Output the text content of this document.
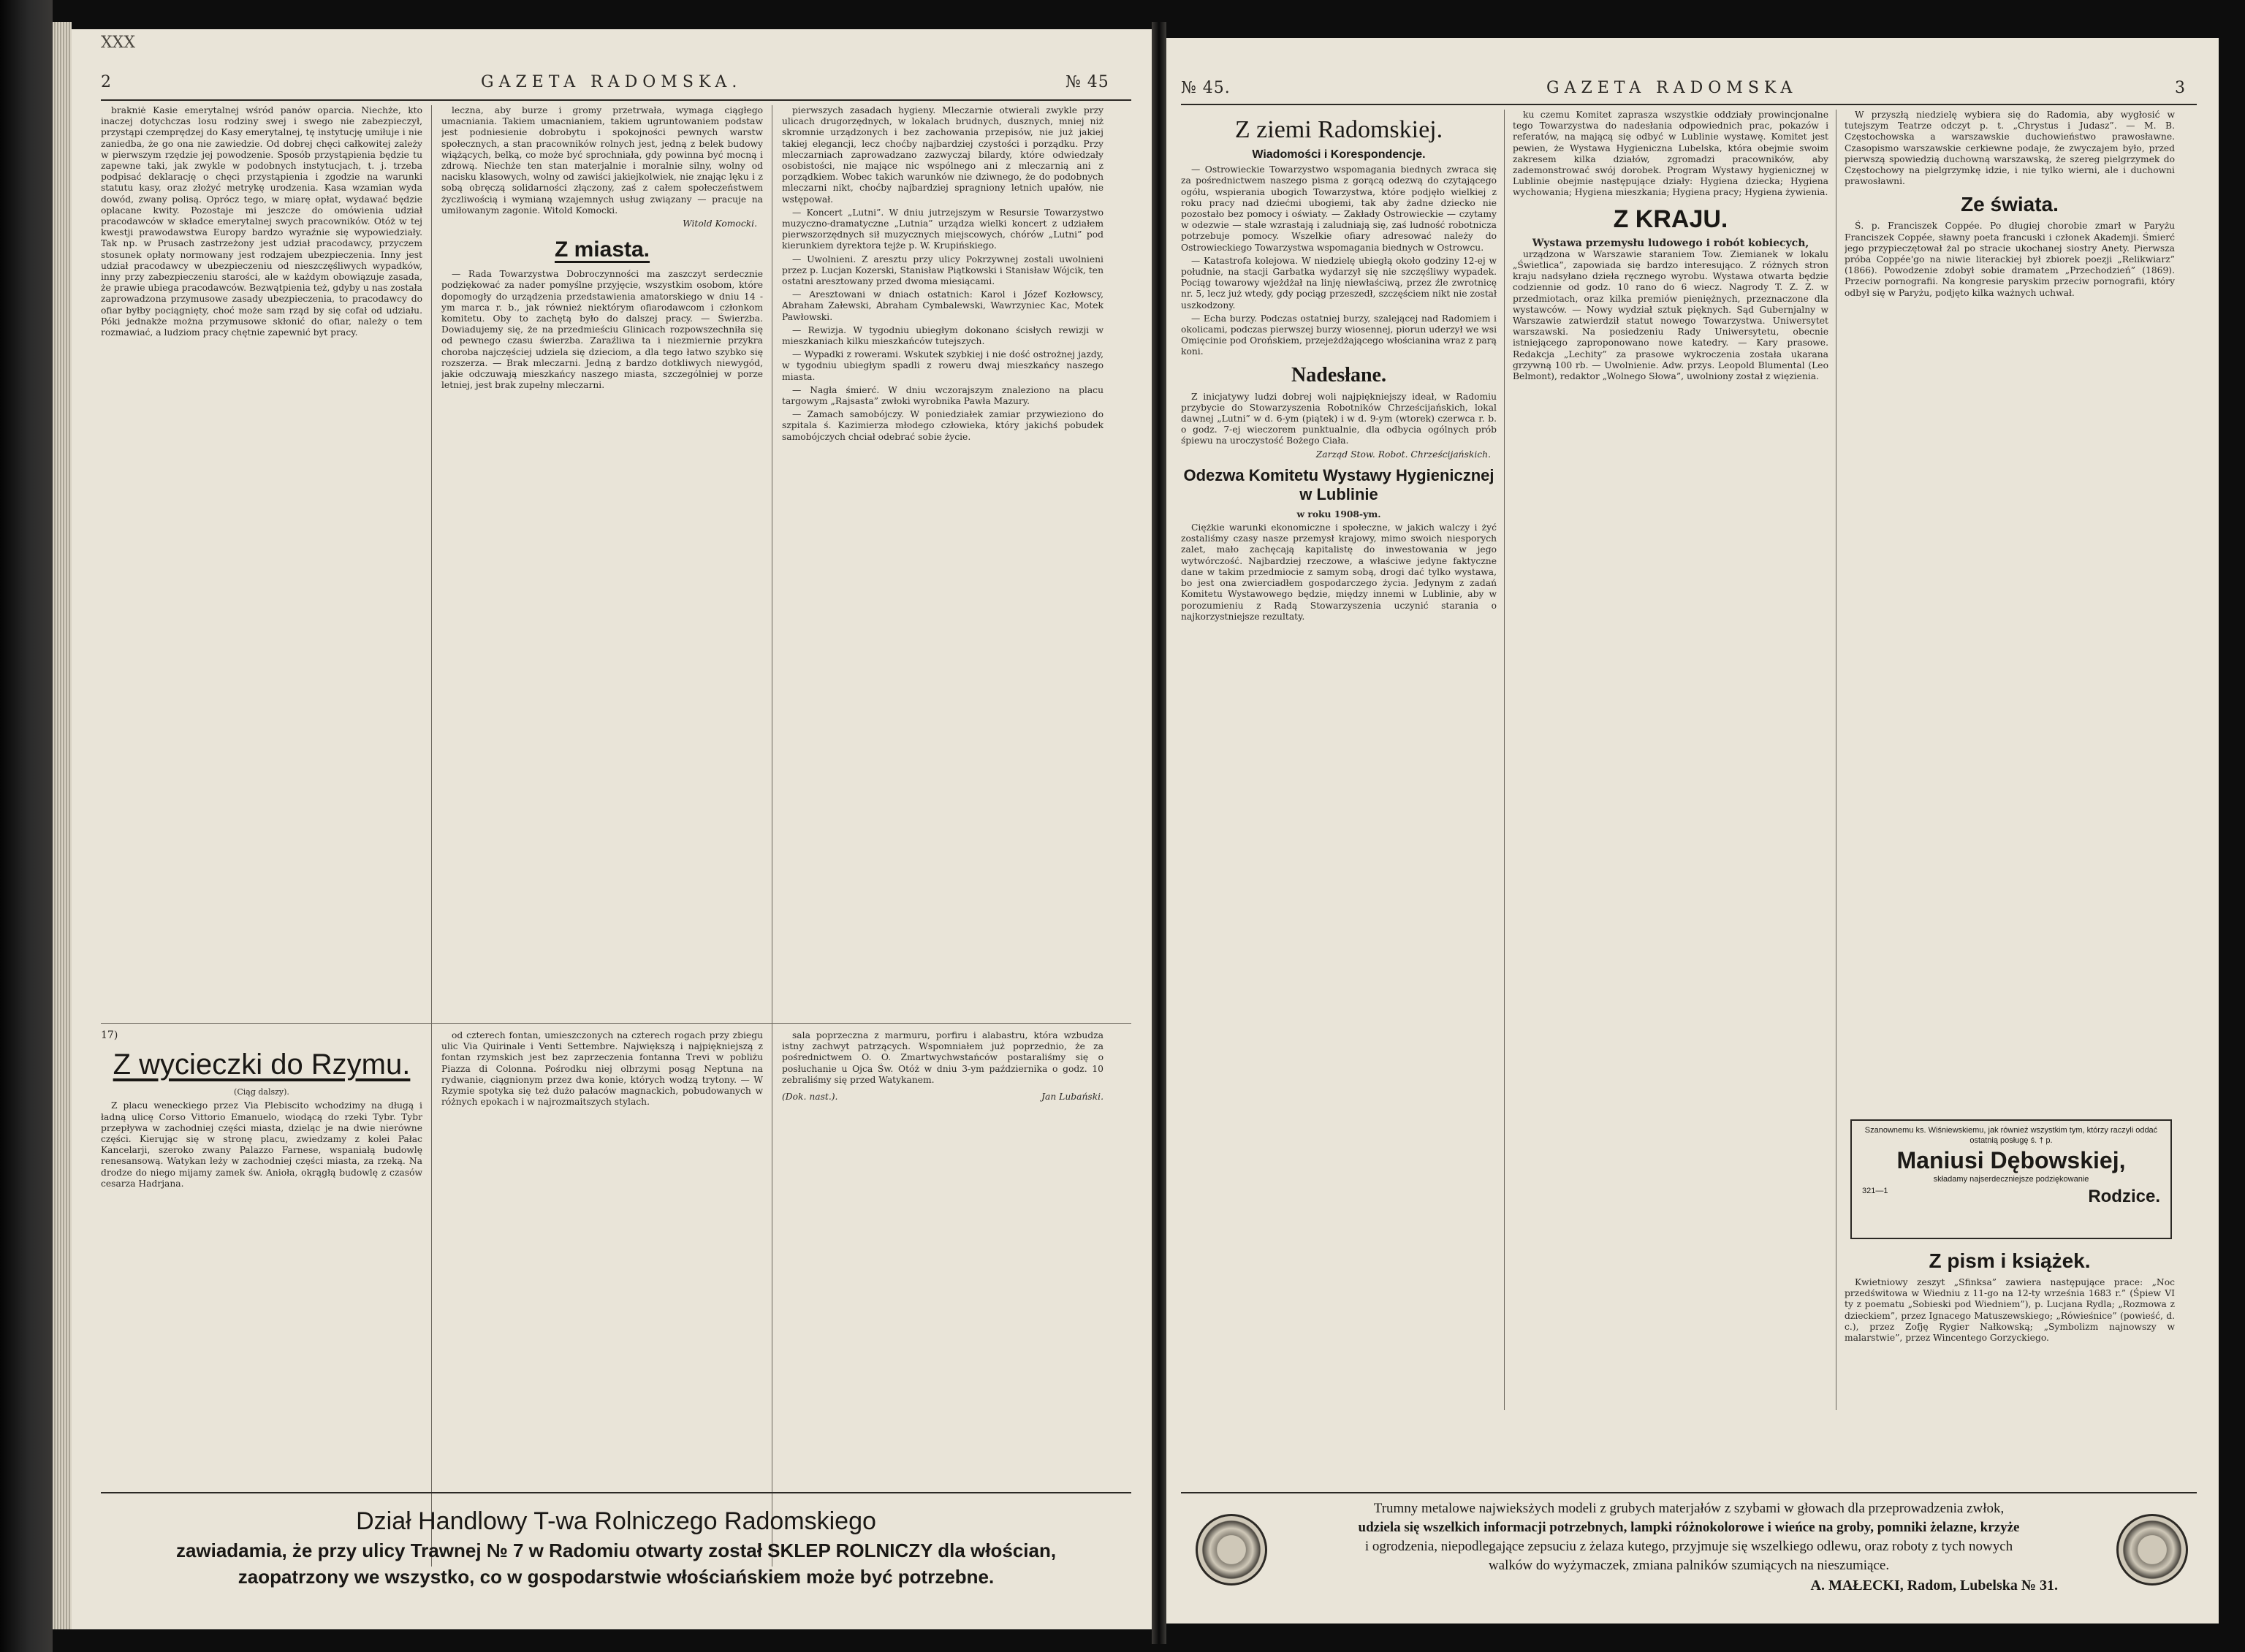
XXX
2	GAZETA RADOMSKA.	№ 45

brakniė Kasie emerytalnej wśród panów oparcia. Niechże, kto inaczej dotychczas losu rodziny swej i swego nie zabezpieczył, przystąpi czemprędzej do Kasy emerytalnej, tę instytucję umiłuje i nie zaniedba, że go ona nie zawiedzie. Od dobrej chęci całkowitej zależy w pierwszym rzędzie jej powodzenie. Sposób przystąpienia będzie tu zapewne taki, jak zwykle w podobnych instytucjach, t. j. trzeba podpisać deklarację o chęci przystąpienia i zgodzie na warunki statutu kasy, oraz złożyć metrykę urodzenia. Kasa wzamian wyda dowód, zwany polisą. Oprócz tego, w miarę opłat, wydawać będzie oplacane kwity. Pozostaje mi jeszcze do omówienia udział pracodawców w składce emerytalnej swych pracowników. Otóż w tej kwestji prawodawstwa Europy bardzo wyraźnie się wypowiedziały. Tak np. w Prusach zastrzeżony jest udział pracodawcy, przyczem stosunek opłaty normowany jest rodzajem ubezpieczenia. Inny jest udział pracodawcy w ubezpieczeniu od nieszczęśliwych wypadków, inny przy zabezpieczeniu starości, ale w każdym obowiązuje zasada, że prawie ubiega pracodawców. Bezwątpienia też, gdyby u nas została zaprowadzona przymusowe zasady ubezpieczenia, to pracodawcy do ofiar byłby pociągnięty, choć może sam rząd by się cofał od udziału. Póki jednakże można przymusowe skłonić do ofiar, należy o tem rozmawiać, a ludziom pracy chętnie zapewnić byt pracy.

leczna, aby burze i gromy przetrwała, wymaga ciągłego umacniania. Takiem umacnianiem, takiem ugruntowaniem podstaw jest podniesienie dobrobytu i spokojności pewnych warstw społecznych, a stan pracowników rolnych jest, jedną z belek budowy wiążących, belką, co może być sprochniała, gdy powinna być mocną i zdrową. Niechże ten stan materjalnie i moralnie silny, wolny od nacisku klasowych, wolny od zawiści jakiejkolwiek, nie znając lęku i z sobą obręczą solidarności złączony, zaś z całem społeczeństwem życzliwością i wymianą wzajemnych usług związany — pracuje na umiłowanym zagonie. Witold Komocki.

Witold Komocki.
Z miasta.

— Rada Towarzystwa Dobroczynności ma zaszczyt serdecznie podziękować za nader pomyślne przyjęcie, wszystkim osobom, które dopomogły do urządzenia przedstawienia amatorskiego w dniu 14 - ym marca r. b., jak również niektórym ofiarodawcom i członkom komitetu. Oby to zachętą było do dalszej pracy. — Świerzba. Dowiadujemy się, że na przedmieściu Glinicach rozpowszechniła się od pewnego czasu świerzba. Zaraźliwa ta i niezmiernie przykra choroba najczęściej udziela się dzieciom, a dla tego łatwo szybko się rozszerza. — Brak mleczarni. Jedną z bardzo dotkliwych niewygód, jakie odczuwają mieszkańcy naszego miasta, szczególniej w porze letniej, jest brak zupełny mleczarni.

pierwszych zasadach hygieny. Mleczarnie otwierali zwykle przy ulicach drugorzędnych, w lokalach brudnych, dusznych, mniej niż skromnie urządzonych i bez zachowania przepisów, nie już jakiej takiej elegancji, lecz choćby najbardziej czystości i porządku. Przy mleczarniach zaprowadzano zazwyczaj bilardy, które odwiedzały osobistości, nie mające nic wspólnego ani z mleczarnią ani z porządkiem. Wobec takich warunków nie dziwnego, że do podobnych mleczarni nikt, choćby najbardziej spragniony letnich upałów, nie wstępował.

— Koncert „Lutni”. W dniu jutrzejszym w Resursie Towarzystwo muzyczno-dramatyczne „Lutnia” urządza wielki koncert z udziałem pierwszorzędnych sił muzycznych miejscowych, chórów „Lutni” pod kierunkiem dyrektora tejże p. W. Krupińskiego.

— Uwolnieni. Z aresztu przy ulicy Pokrzywnej zostali uwolnieni przez p. Lucjan Kozerski, Stanisław Piątkowski i Stanisław Wójcik, ten ostatni aresztowany przed dwoma miesiącami.

— Aresztowani w dniach ostatnich: Karol i Józef Kozłowscy, Abraham Załewski, Abraham Cymbalewski, Wawrzyniec Kac, Motek Pawłowski.

— Rewizja. W tygodniu ubiegłym dokonano ścisłych rewizji w mieszkaniach kilku mieszkańców tutejszych.

— Wypadki z rowerami. Wskutek szybkiej i nie dość ostrożnej jazdy, w tygodniu ubiegłym spadli z roweru dwaj mieszkańcy naszego miasta.

— Nagła śmierć. W dniu wczorajszym znaleziono na placu targowym „Rajsasta” zwłoki wyrobnika Pawła Mazury.

— Zamach samobójczy. W poniedziałek zamiar przywieziono do szpitala ś. Kazimierza młodego człowieka, który jakichś pobudek samobójczych chciał odebrać sobie życie.

17)
Z wycieczki do Rzymu.
(Ciąg dalszy).

Z placu weneckiego przez Via Plebiscito wchodzimy na długą i ładną ulicę Corso Vittorio Emanuelo, wiodącą do rzeki Tybr. Tybr przepływa w zachodniej części miasta, dzieląc je na dwie nierówne części. Kierując się w stronę placu, zwiedzamy z kolei Pałac Kancelarji, szeroko zwany Palazzo Farnese, wspaniałą budowlę renesansową. Watykan leży w zachodniej części miasta, za rzeką. Na drodze do niego mijamy zamek św. Anioła, okrągłą budowlę z czasów cesarza Hadrjana.

od czterech fontan, umieszczonych na czterech rogach przy zbiegu ulic Via Quirinale i Venti Settembre. Największą i najpiękniejszą z fontan rzymskich jest bez zaprzeczenia fontanna Trevi w pobliżu Piazza di Colonna. Pośrodku niej olbrzymi posąg Neptuna na rydwanie, ciągnionym przez dwa konie, których wodzą trytony. — W Rzymie spotyka się też dużo pałaców magnackich, pobudowanych w różnych epokach i w najrozmaitszych stylach.

sala poprzeczna z marmuru, porfiru i alabastru, która wzbudza istny zachwyt patrzących. Wspomniałem już poprzednio, że za pośrednictwem O. O. Zmartwychwstańców postaraliśmy się o posłuchanie u Ojca Św. Otóż w dniu 3-ym października o godz. 10 zebraliśmy się przed Watykanem.

(Dok. nast.).	Jan Lubański.
Dział Handlowy T-wa Rolniczego Radomskiego
zawiadamia, że przy ulicy Trawnej № 7 w Radomiu otwarty został SKLEP ROLNICZY dla włościan,
zaopatrzony we wszystko, co w gospodarstwie włościańskiem może być potrzebne.
№ 45.	GAZETA RADOMSKA	3
Z ziemi Radomskiej.
Wiadomości i Korespondencje.

— Ostrowieckie Towarzystwo wspomagania biednych zwraca się za pośrednictwem naszego pisma z gorącą odezwą do czytającego ogółu, wspierania ubogich Towarzystwa, które podjęło wielkiej z roku pracy nad dziećmi ubogiemi, tak aby żadne dziecko nie pozostało bez pomocy i oświaty. — Zakłady Ostrowieckie — czytamy w odezwie — stale wzrastają i zaludniają się, zaś ludność robotnicza potrzebuje pomocy. Wszelkie ofiary adresować należy do Ostrowieckiego Towarzystwa wspomagania biednych w Ostrowcu.

— Katastrofa kolejowa. W niedzielę ubiegłą około godziny 12-ej w południe, na stacji Garbatka wydarzył się nie szczęśliwy wypadek. Pociąg towarowy wjeżdżał na linję niewłaściwą, przez źle zwrotnicę nr. 5, lecz już wtedy, gdy pociąg przeszedł, szczęściem nikt nie został uszkodzony.

— Echa burzy. Podczas ostatniej burzy, szalejącej nad Radomiem i okolicami, podczas pierwszej burzy wiosennej, piorun uderzył we wsi Omięcinie pod Orońskiem, przejeżdżającego włościanina wraz z parą koni.

Nadesłane.

Z inicjatywy ludzi dobrej woli najpiękniejszy ideał, w Radomiu przybycie do Stowarzyszenia Robotników Chrześcijańskich, lokal dawnej „Lutni” w d. 6-ym (piątek) i w d. 9-ym (wtorek) czerwca r. b. o godz. 7-ej wieczorem punktualnie, dla odbycia ogólnych prób śpiewu na uroczystość Bożego Ciała.

Zarząd Stow. Robot. Chrześcijańskich.
Odezwa Komitetu Wystawy Hygienicznej w Lublinie
w roku 1908-ym.

Ciężkie warunki ekonomiczne i społeczne, w jakich walczy i żyć zostaliśmy czasy nasze przemysł krajowy, mimo swoich niesporych zalet, mało zachęcają kapitalistę do inwestowania w jego wytwórczość. Najbardziej rzeczowe, a właściwe jedyne faktyczne dane w takim przedmiocie z samym sobą, drogi dać tylko wystawa, bo jest ona zwierciadłem gospodarczego życia. Jedynym z zadań Komitetu Wystawowego będzie, między innemi w Lublinie, aby w porozumieniu z Radą Stowarzyszenia uczynić starania o najkorzystniejsze rezultaty.

ku czemu Komitet zaprasza wszystkie oddziały prowincjonalne tego Towarzystwa do nadesłania odpowiednich prac, pokazów i referatów, na mającą się odbyć w Lublinie wystawę. Komitet jest pewien, że Wystawa Hygieniczna Lubelska, która obejmie swoim zakresem kilka działów, zgromadzi pracowników, aby zademonstrować swój dorobek. Program Wystawy hygienicznej w Lublinie obejmie następujące działy: Hygiena dziecka; Hygiena wychowania; Hygiena mieszkania; Hygiena pracy; Hygiena żywienia.

Z KRAJU.
Wystawa przemysłu ludowego i robót kobiecych,

urządzona w Warszawie staraniem Tow. Ziemianek w lokalu „Świetlica”, zapowiada się bardzo interesująco. Z różnych stron kraju nadsyłano dzieła ręcznego wyrobu. Wystawa otwarta będzie codziennie od godz. 10 rano do 6 wiecz. Nagrody T. Z. Z. w przedmiotach, oraz kilka premiów pieniężnych, przeznaczone dla wystawców. — Nowy wydział sztuk pięknych. Sąd Gubernjalny w Warszawie zatwierdził statut nowego Towarzystwa. Uniwersytet warszawski. Na posiedzeniu Rady Uniwersytetu, obecnie istniejącego zaproponowano nowe katedry. — Kary prasowe. Redakcja „Lechity” za prasowe wykroczenia została ukarana grzywną 100 rb. — Uwolnienie. Adw. przys. Leopold Blumental (Leo Belmont), redaktor „Wolnego Słowa”, uwolniony został z więzienia.

W przyszłą niedzielę wybiera się do Radomia, aby wygłosić w tutejszym Teatrze odczyt p. t. „Chrystus i Judasz”. — M. B. Częstochowska a warszawskie duchowieństwo prawosławne. Czasopismo warszawskie cerkiewne podaje, że zwyczajem było, przed pierwszą spowiedzią duchowną warszawską, że szereg pielgrzymek do Częstochowy na pielgrzymkę idzie, i nie tylko wierni, ale i duchowni prawosławni.

Ze świata.

Ś. p. Franciszek Coppée. Po długiej chorobie zmarł w Paryżu Franciszek Coppée, sławny poeta francuski i członek Akademji. Śmierć jego przypieczętował żal po stracie ukochanej siostry Anety. Pierwsza próba Coppée'go na niwie literackiej był zbiorek poezji „Relikwiarz” (1866). Powodzenie zdobył sobie dramatem „Przechodzień” (1869). Przeciw pornografii. Na kongresie paryskim przeciw pornografii, który odbył się w Paryżu, podjęto kilka ważnych uchwał.

Szanownemu ks. Wiśniewskiemu, jak również wszystkim tym, którzy raczyli oddać ostatnią posługę ś. † p.
Maniusi Dębowskiej,
składamy najserdeczniejsze podziękowanie
321—1	Rodzice.
Z pism i książek.

Kwietniowy zeszyt „Sfinksa” zawiera następujące prace: „Noc przedświtowa w Wiedniu z 11-go na 12-ty września 1683 r.” (Śpiew VI ty z poematu „Sobieski pod Wiedniem”), p. Lucjana Rydla; „Rozmowa z dzieckiem”, przez Ignacego Matuszewskiego; „Rówieśnice” (powieść, d. c.), przez Zofję Rygier Nałkowską; „Symbolizm najnowszy w malarstwie”, przez Wincentego Gorzyckiego.

Trumny metalowe najwieksżych modeli z grubych materjałów z szybami w głowach dla przeprowadzenia zwłok,
udziela się wszelkich informacji potrzebnych, lampki różnokolorowe i wieńce na groby, pomniki żelazne, krzyże
i ogrodzenia, niepodlegające zepsuciu z żelaza kutego, przyjmuje się wszelkiego odlewu, oraz roboty z tych nowych
walków do wyżymaczek, zmiana palników szumiących na nieszumiące.
A. MAŁECKI, Radom, Lubelska № 31.
